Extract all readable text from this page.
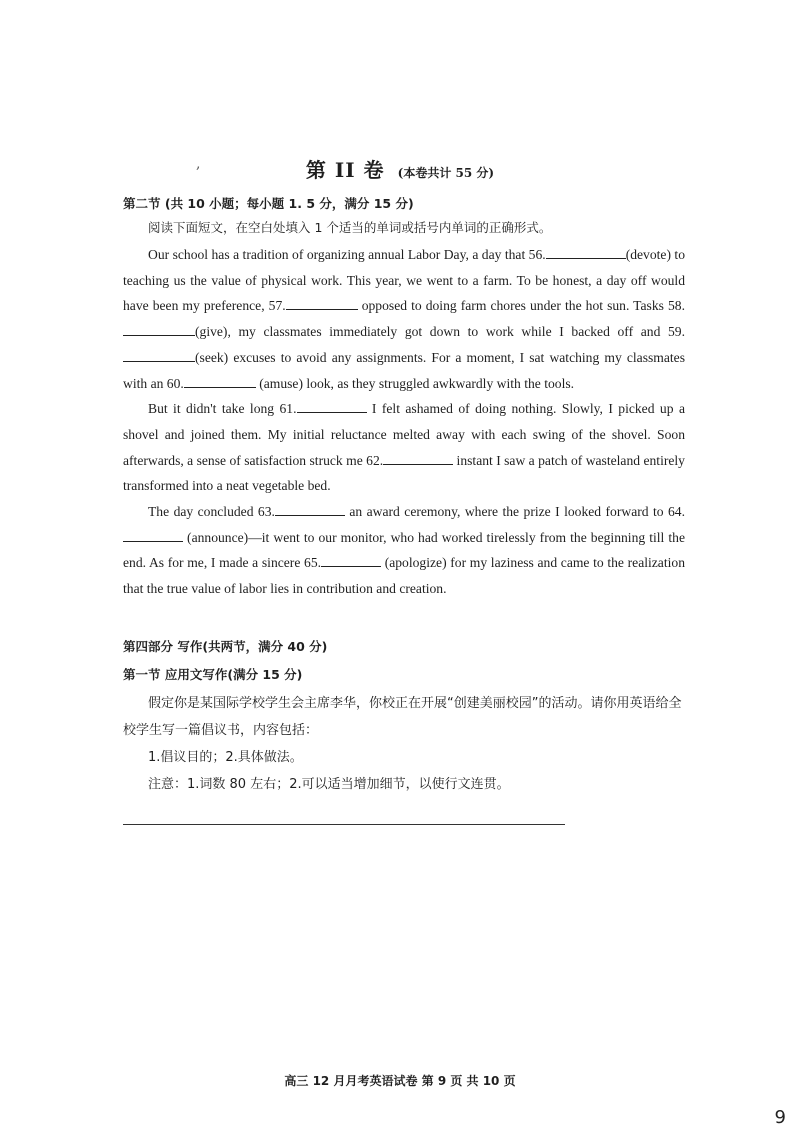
,	第 II 卷 (本卷共计 55 分)
第二节 (共 10 小题；每小题 1. 5 分，满分 15 分)
阅读下面短文，在空白处填入 1 个适当的单词或括号内单词的正确形式。

Our school has a tradition of organizing annual Labor Day, a day that 56.	(devote) to teaching us the value of physical work. This year, we went to a farm. To be honest, a day off would have been my preference, 57.	opposed to doing farm chores under the hot sun. Tasks 58.(give), my classmates immediately got down to work while I backed off and 59.(seek) excuses to avoid any assignments. For a moment, I sat watching my classmates with an 60.	(amuse) look, as they struggled awkwardly with the tools.

But it didn't take long 61.	I felt ashamed of doing nothing. Slowly, I picked up a shovel and joined them. My initial reluctance melted away with each swing of the shovel. Soon afterwards, a sense of satisfaction struck me 62.	instant I saw a patch of wasteland entirely transformed into a neat vegetable bed.

The day concluded 63.	an award ceremony, where the prize I looked forward to 64. (announce)—it went to our monitor, who had worked tirelessly from the beginning till the end. As for me, I made a sincere 65.	(apologize) for my laziness and came to the realization that the true value of labor lies in contribution and creation.

第四部分 写作(共两节，满分 40 分)
第一节 应用文写作(满分 15 分)

假定你是某国际学校学生会主席李华，你校正在开展“创建美丽校园”的活动。请你用英语给全校学生写一篇倡议书，内容包括：

1.倡议目的；2.具体做法。

注意：1.词数 80 左右；2.可以适当增加细节，以使行文连贯。

高三 12 月月考英语试卷 第 9 页 共 10 页
9
